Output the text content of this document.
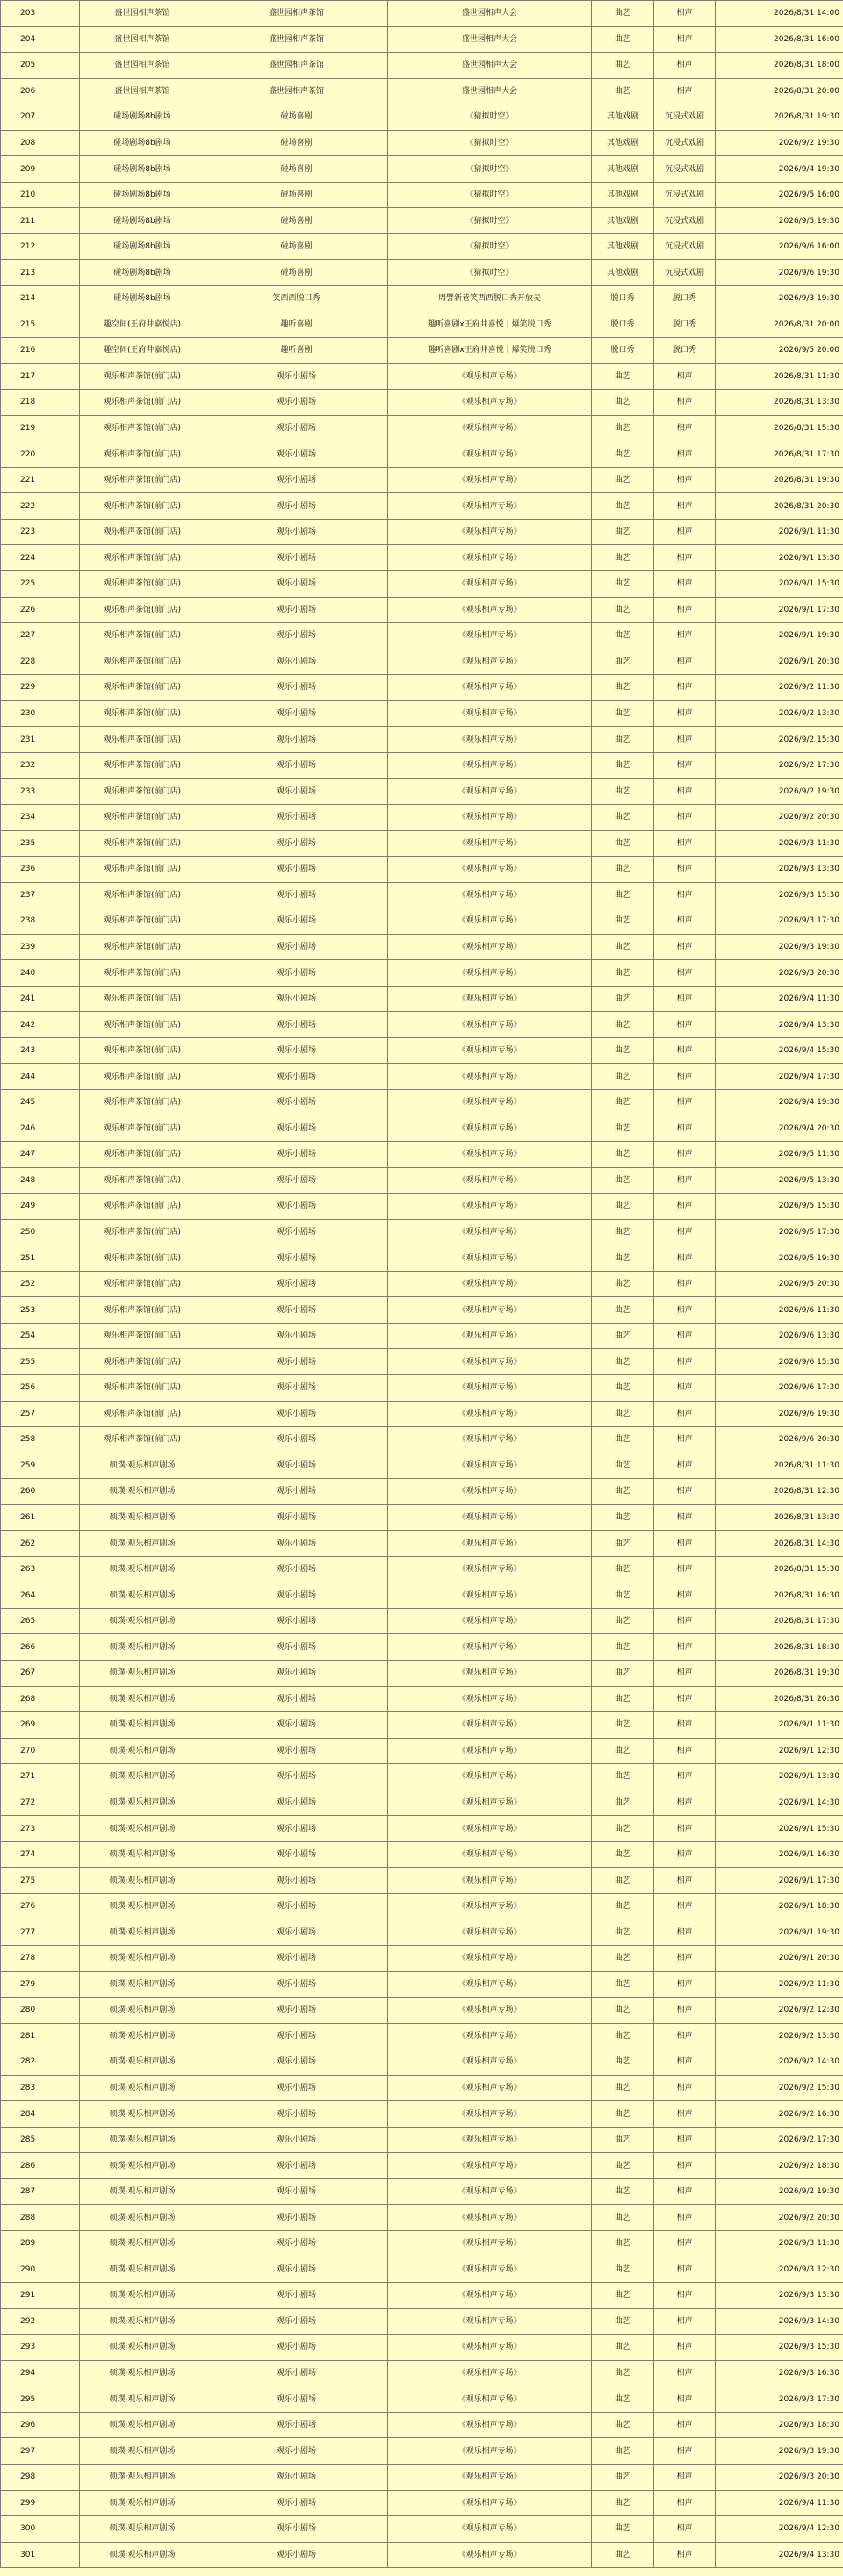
203	盛世园相声茶馆	盛世园相声茶馆	盛世园相声大会	曲艺	相声	2026/8/31 14:00
204	盛世园相声茶馆	盛世园相声茶馆	盛世园相声大会	曲艺	相声	2026/8/31 16:00
205	盛世园相声茶馆	盛世园相声茶馆	盛世园相声大会	曲艺	相声	2026/8/31 18:00
206	盛世园相声茶馆	盛世园相声茶馆	盛世园相声大会	曲艺	相声	2026/8/31 20:00
207	碰场剧场8b剧场	碰场喜剧	《猜拟时空》	其他戏剧	沉浸式戏剧	2026/8/31 19:30
208	碰场剧场8b剧场	碰场喜剧	《猜拟时空》	其他戏剧	沉浸式戏剧	2026/9/2 19:30
209	碰场剧场8b剧场	碰场喜剧	《猜拟时空》	其他戏剧	沉浸式戏剧	2026/9/4 19:30
210	碰场剧场8b剧场	碰场喜剧	《猜拟时空》	其他戏剧	沉浸式戏剧	2026/9/5 16:00
211	碰场剧场8b剧场	碰场喜剧	《猜拟时空》	其他戏剧	沉浸式戏剧	2026/9/5 19:30
212	碰场剧场8b剧场	碰场喜剧	《猜拟时空》	其他戏剧	沉浸式戏剧	2026/9/6 16:00
213	碰场剧场8b剧场	碰场喜剧	《猜拟时空》	其他戏剧	沉浸式戏剧	2026/9/6 19:30
214	碰场剧场8b剧场	笑西西脱口秀	周譬新巷笑西西脱口秀开放麦	脱口秀	脱口秀	2026/9/3 19:30
215	趣空间(王府井嘉悦店)	趣听喜剧	趣听喜剧x王府井喜悦丨爆笑脱口秀	脱口秀	脱口秀	2026/8/31 20:00
216	趣空间(王府井嘉悦店)	趣听喜剧	趣听喜剧x王府井喜悦丨爆笑脱口秀	脱口秀	脱口秀	2026/9/5 20:00
217	观乐相声茶馆(前门店)	观乐小剧场	《观乐相声专场》	曲艺	相声	2026/8/31 11:30
218	观乐相声茶馆(前门店)	观乐小剧场	《观乐相声专场》	曲艺	相声	2026/8/31 13:30
219	观乐相声茶馆(前门店)	观乐小剧场	《观乐相声专场》	曲艺	相声	2026/8/31 15:30
220	观乐相声茶馆(前门店)	观乐小剧场	《观乐相声专场》	曲艺	相声	2026/8/31 17:30
221	观乐相声茶馆(前门店)	观乐小剧场	《观乐相声专场》	曲艺	相声	2026/8/31 19:30
222	观乐相声茶馆(前门店)	观乐小剧场	《观乐相声专场》	曲艺	相声	2026/8/31 20:30
223	观乐相声茶馆(前门店)	观乐小剧场	《观乐相声专场》	曲艺	相声	2026/9/1 11:30
224	观乐相声茶馆(前门店)	观乐小剧场	《观乐相声专场》	曲艺	相声	2026/9/1 13:30
225	观乐相声茶馆(前门店)	观乐小剧场	《观乐相声专场》	曲艺	相声	2026/9/1 15:30
226	观乐相声茶馆(前门店)	观乐小剧场	《观乐相声专场》	曲艺	相声	2026/9/1 17:30
227	观乐相声茶馆(前门店)	观乐小剧场	《观乐相声专场》	曲艺	相声	2026/9/1 19:30
228	观乐相声茶馆(前门店)	观乐小剧场	《观乐相声专场》	曲艺	相声	2026/9/1 20:30
229	观乐相声茶馆(前门店)	观乐小剧场	《观乐相声专场》	曲艺	相声	2026/9/2 11:30
230	观乐相声茶馆(前门店)	观乐小剧场	《观乐相声专场》	曲艺	相声	2026/9/2 13:30
231	观乐相声茶馆(前门店)	观乐小剧场	《观乐相声专场》	曲艺	相声	2026/9/2 15:30
232	观乐相声茶馆(前门店)	观乐小剧场	《观乐相声专场》	曲艺	相声	2026/9/2 17:30
233	观乐相声茶馆(前门店)	观乐小剧场	《观乐相声专场》	曲艺	相声	2026/9/2 19:30
234	观乐相声茶馆(前门店)	观乐小剧场	《观乐相声专场》	曲艺	相声	2026/9/2 20:30
235	观乐相声茶馆(前门店)	观乐小剧场	《观乐相声专场》	曲艺	相声	2026/9/3 11:30
236	观乐相声茶馆(前门店)	观乐小剧场	《观乐相声专场》	曲艺	相声	2026/9/3 13:30
237	观乐相声茶馆(前门店)	观乐小剧场	《观乐相声专场》	曲艺	相声	2026/9/3 15:30
238	观乐相声茶馆(前门店)	观乐小剧场	《观乐相声专场》	曲艺	相声	2026/9/3 17:30
239	观乐相声茶馆(前门店)	观乐小剧场	《观乐相声专场》	曲艺	相声	2026/9/3 19:30
240	观乐相声茶馆(前门店)	观乐小剧场	《观乐相声专场》	曲艺	相声	2026/9/3 20:30
241	观乐相声茶馆(前门店)	观乐小剧场	《观乐相声专场》	曲艺	相声	2026/9/4 11:30
242	观乐相声茶馆(前门店)	观乐小剧场	《观乐相声专场》	曲艺	相声	2026/9/4 13:30
243	观乐相声茶馆(前门店)	观乐小剧场	《观乐相声专场》	曲艺	相声	2026/9/4 15:30
244	观乐相声茶馆(前门店)	观乐小剧场	《观乐相声专场》	曲艺	相声	2026/9/4 17:30
245	观乐相声茶馆(前门店)	观乐小剧场	《观乐相声专场》	曲艺	相声	2026/9/4 19:30
246	观乐相声茶馆(前门店)	观乐小剧场	《观乐相声专场》	曲艺	相声	2026/9/4 20:30
247	观乐相声茶馆(前门店)	观乐小剧场	《观乐相声专场》	曲艺	相声	2026/9/5 11:30
248	观乐相声茶馆(前门店)	观乐小剧场	《观乐相声专场》	曲艺	相声	2026/9/5 13:30
249	观乐相声茶馆(前门店)	观乐小剧场	《观乐相声专场》	曲艺	相声	2026/9/5 15:30
250	观乐相声茶馆(前门店)	观乐小剧场	《观乐相声专场》	曲艺	相声	2026/9/5 17:30
251	观乐相声茶馆(前门店)	观乐小剧场	《观乐相声专场》	曲艺	相声	2026/9/5 19:30
252	观乐相声茶馆(前门店)	观乐小剧场	《观乐相声专场》	曲艺	相声	2026/9/5 20:30
253	观乐相声茶馆(前门店)	观乐小剧场	《观乐相声专场》	曲艺	相声	2026/9/6 11:30
254	观乐相声茶馆(前门店)	观乐小剧场	《观乐相声专场》	曲艺	相声	2026/9/6 13:30
255	观乐相声茶馆(前门店)	观乐小剧场	《观乐相声专场》	曲艺	相声	2026/9/6 15:30
256	观乐相声茶馆(前门店)	观乐小剧场	《观乐相声专场》	曲艺	相声	2026/9/6 17:30
257	观乐相声茶馆(前门店)	观乐小剧场	《观乐相声专场》	曲艺	相声	2026/9/6 19:30
258	观乐相声茶馆(前门店)	观乐小剧场	《观乐相声专场》	曲艺	相声	2026/9/6 20:30
259	硕璞·观乐相声剧场	观乐小剧场	《观乐相声专场》	曲艺	相声	2026/8/31 11:30
260	硕璞·观乐相声剧场	观乐小剧场	《观乐相声专场》	曲艺	相声	2026/8/31 12:30
261	硕璞·观乐相声剧场	观乐小剧场	《观乐相声专场》	曲艺	相声	2026/8/31 13:30
262	硕璞·观乐相声剧场	观乐小剧场	《观乐相声专场》	曲艺	相声	2026/8/31 14:30
263	硕璞·观乐相声剧场	观乐小剧场	《观乐相声专场》	曲艺	相声	2026/8/31 15:30
264	硕璞·观乐相声剧场	观乐小剧场	《观乐相声专场》	曲艺	相声	2026/8/31 16:30
265	硕璞·观乐相声剧场	观乐小剧场	《观乐相声专场》	曲艺	相声	2026/8/31 17:30
266	硕璞·观乐相声剧场	观乐小剧场	《观乐相声专场》	曲艺	相声	2026/8/31 18:30
267	硕璞·观乐相声剧场	观乐小剧场	《观乐相声专场》	曲艺	相声	2026/8/31 19:30
268	硕璞·观乐相声剧场	观乐小剧场	《观乐相声专场》	曲艺	相声	2026/8/31 20:30
269	硕璞·观乐相声剧场	观乐小剧场	《观乐相声专场》	曲艺	相声	2026/9/1 11:30
270	硕璞·观乐相声剧场	观乐小剧场	《观乐相声专场》	曲艺	相声	2026/9/1 12:30
271	硕璞·观乐相声剧场	观乐小剧场	《观乐相声专场》	曲艺	相声	2026/9/1 13:30
272	硕璞·观乐相声剧场	观乐小剧场	《观乐相声专场》	曲艺	相声	2026/9/1 14:30
273	硕璞·观乐相声剧场	观乐小剧场	《观乐相声专场》	曲艺	相声	2026/9/1 15:30
274	硕璞·观乐相声剧场	观乐小剧场	《观乐相声专场》	曲艺	相声	2026/9/1 16:30
275	硕璞·观乐相声剧场	观乐小剧场	《观乐相声专场》	曲艺	相声	2026/9/1 17:30
276	硕璞·观乐相声剧场	观乐小剧场	《观乐相声专场》	曲艺	相声	2026/9/1 18:30
277	硕璞·观乐相声剧场	观乐小剧场	《观乐相声专场》	曲艺	相声	2026/9/1 19:30
278	硕璞·观乐相声剧场	观乐小剧场	《观乐相声专场》	曲艺	相声	2026/9/1 20:30
279	硕璞·观乐相声剧场	观乐小剧场	《观乐相声专场》	曲艺	相声	2026/9/2 11:30
280	硕璞·观乐相声剧场	观乐小剧场	《观乐相声专场》	曲艺	相声	2026/9/2 12:30
281	硕璞·观乐相声剧场	观乐小剧场	《观乐相声专场》	曲艺	相声	2026/9/2 13:30
282	硕璞·观乐相声剧场	观乐小剧场	《观乐相声专场》	曲艺	相声	2026/9/2 14:30
283	硕璞·观乐相声剧场	观乐小剧场	《观乐相声专场》	曲艺	相声	2026/9/2 15:30
284	硕璞·观乐相声剧场	观乐小剧场	《观乐相声专场》	曲艺	相声	2026/9/2 16:30
285	硕璞·观乐相声剧场	观乐小剧场	《观乐相声专场》	曲艺	相声	2026/9/2 17:30
286	硕璞·观乐相声剧场	观乐小剧场	《观乐相声专场》	曲艺	相声	2026/9/2 18:30
287	硕璞·观乐相声剧场	观乐小剧场	《观乐相声专场》	曲艺	相声	2026/9/2 19:30
288	硕璞·观乐相声剧场	观乐小剧场	《观乐相声专场》	曲艺	相声	2026/9/2 20:30
289	硕璞·观乐相声剧场	观乐小剧场	《观乐相声专场》	曲艺	相声	2026/9/3 11:30
290	硕璞·观乐相声剧场	观乐小剧场	《观乐相声专场》	曲艺	相声	2026/9/3 12:30
291	硕璞·观乐相声剧场	观乐小剧场	《观乐相声专场》	曲艺	相声	2026/9/3 13:30
292	硕璞·观乐相声剧场	观乐小剧场	《观乐相声专场》	曲艺	相声	2026/9/3 14:30
293	硕璞·观乐相声剧场	观乐小剧场	《观乐相声专场》	曲艺	相声	2026/9/3 15:30
294	硕璞·观乐相声剧场	观乐小剧场	《观乐相声专场》	曲艺	相声	2026/9/3 16:30
295	硕璞·观乐相声剧场	观乐小剧场	《观乐相声专场》	曲艺	相声	2026/9/3 17:30
296	硕璞·观乐相声剧场	观乐小剧场	《观乐相声专场》	曲艺	相声	2026/9/3 18:30
297	硕璞·观乐相声剧场	观乐小剧场	《观乐相声专场》	曲艺	相声	2026/9/3 19:30
298	硕璞·观乐相声剧场	观乐小剧场	《观乐相声专场》	曲艺	相声	2026/9/3 20:30
299	硕璞·观乐相声剧场	观乐小剧场	《观乐相声专场》	曲艺	相声	2026/9/4 11:30
300	硕璞·观乐相声剧场	观乐小剧场	《观乐相声专场》	曲艺	相声	2026/9/4 12:30
301	硕璞·观乐相声剧场	观乐小剧场	《观乐相声专场》	曲艺	相声	2026/9/4 13:30
